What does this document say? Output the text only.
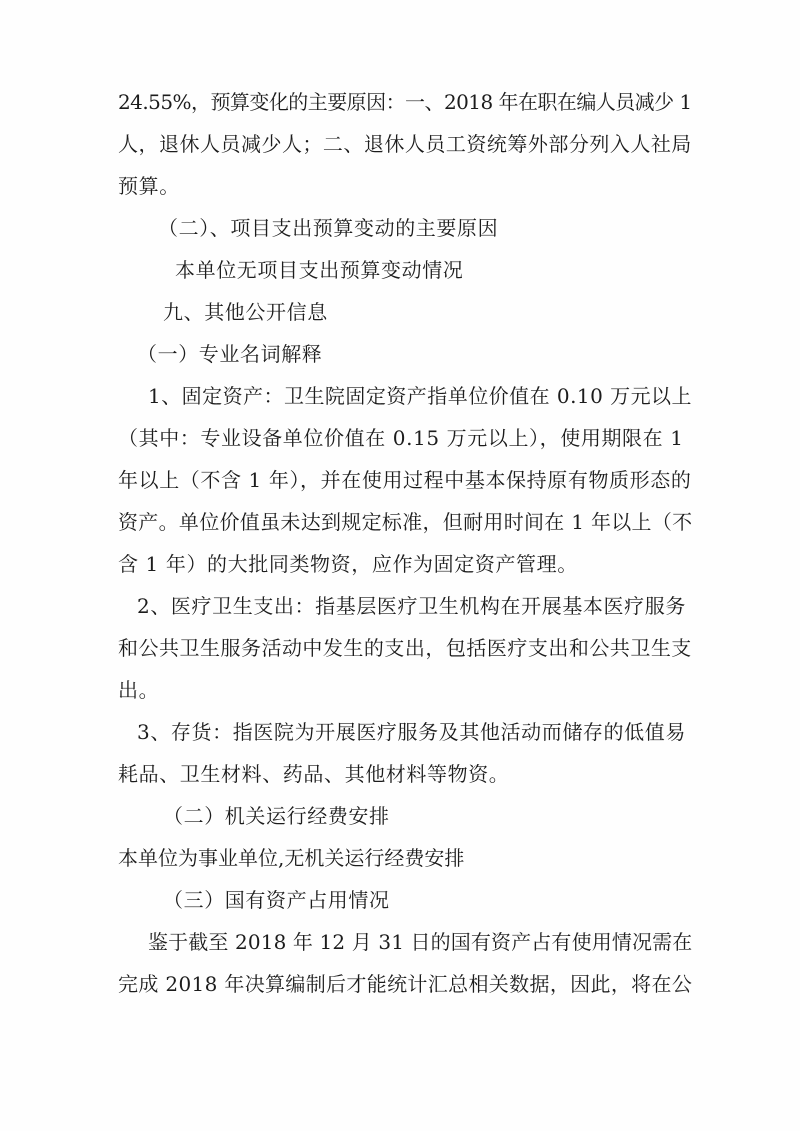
24.55%，预算变化的主要原因：一、2018 年在职在编人员减少 1
人，退休人员减少人；二、退休人员工资统筹外部分列入人社局
预算。
（二）、项目支出预算变动的主要原因
本单位无项目支出预算变动情况
九、其他公开信息
（一）专业名词解释
1、固定资产：卫生院固定资产指单位价值在 0.10 万元以上
（其中：专业设备单位价值在 0.15 万元以上），使用期限在 1
年以上（不含 1 年），并在使用过程中基本保持原有物质形态的
资产。单位价值虽未达到规定标准，但耐用时间在 1 年以上（不
含 1 年）的大批同类物资，应作为固定资产管理。
2、医疗卫生支出：指基层医疗卫生机构在开展基本医疗服务
和公共卫生服务活动中发生的支出，包括医疗支出和公共卫生支
出。
3、存货：指医院为开展医疗服务及其他活动而储存的低值易
耗品、卫生材料、药品、其他材料等物资。
（二）机关运行经费安排
本单位为事业单位,无机关运行经费安排
（三）国有资产占用情况
鉴于截至 2018 年 12 月 31 日的国有资产占有使用情况需在
完成 2018 年决算编制后才能统计汇总相关数据，因此，将在公
